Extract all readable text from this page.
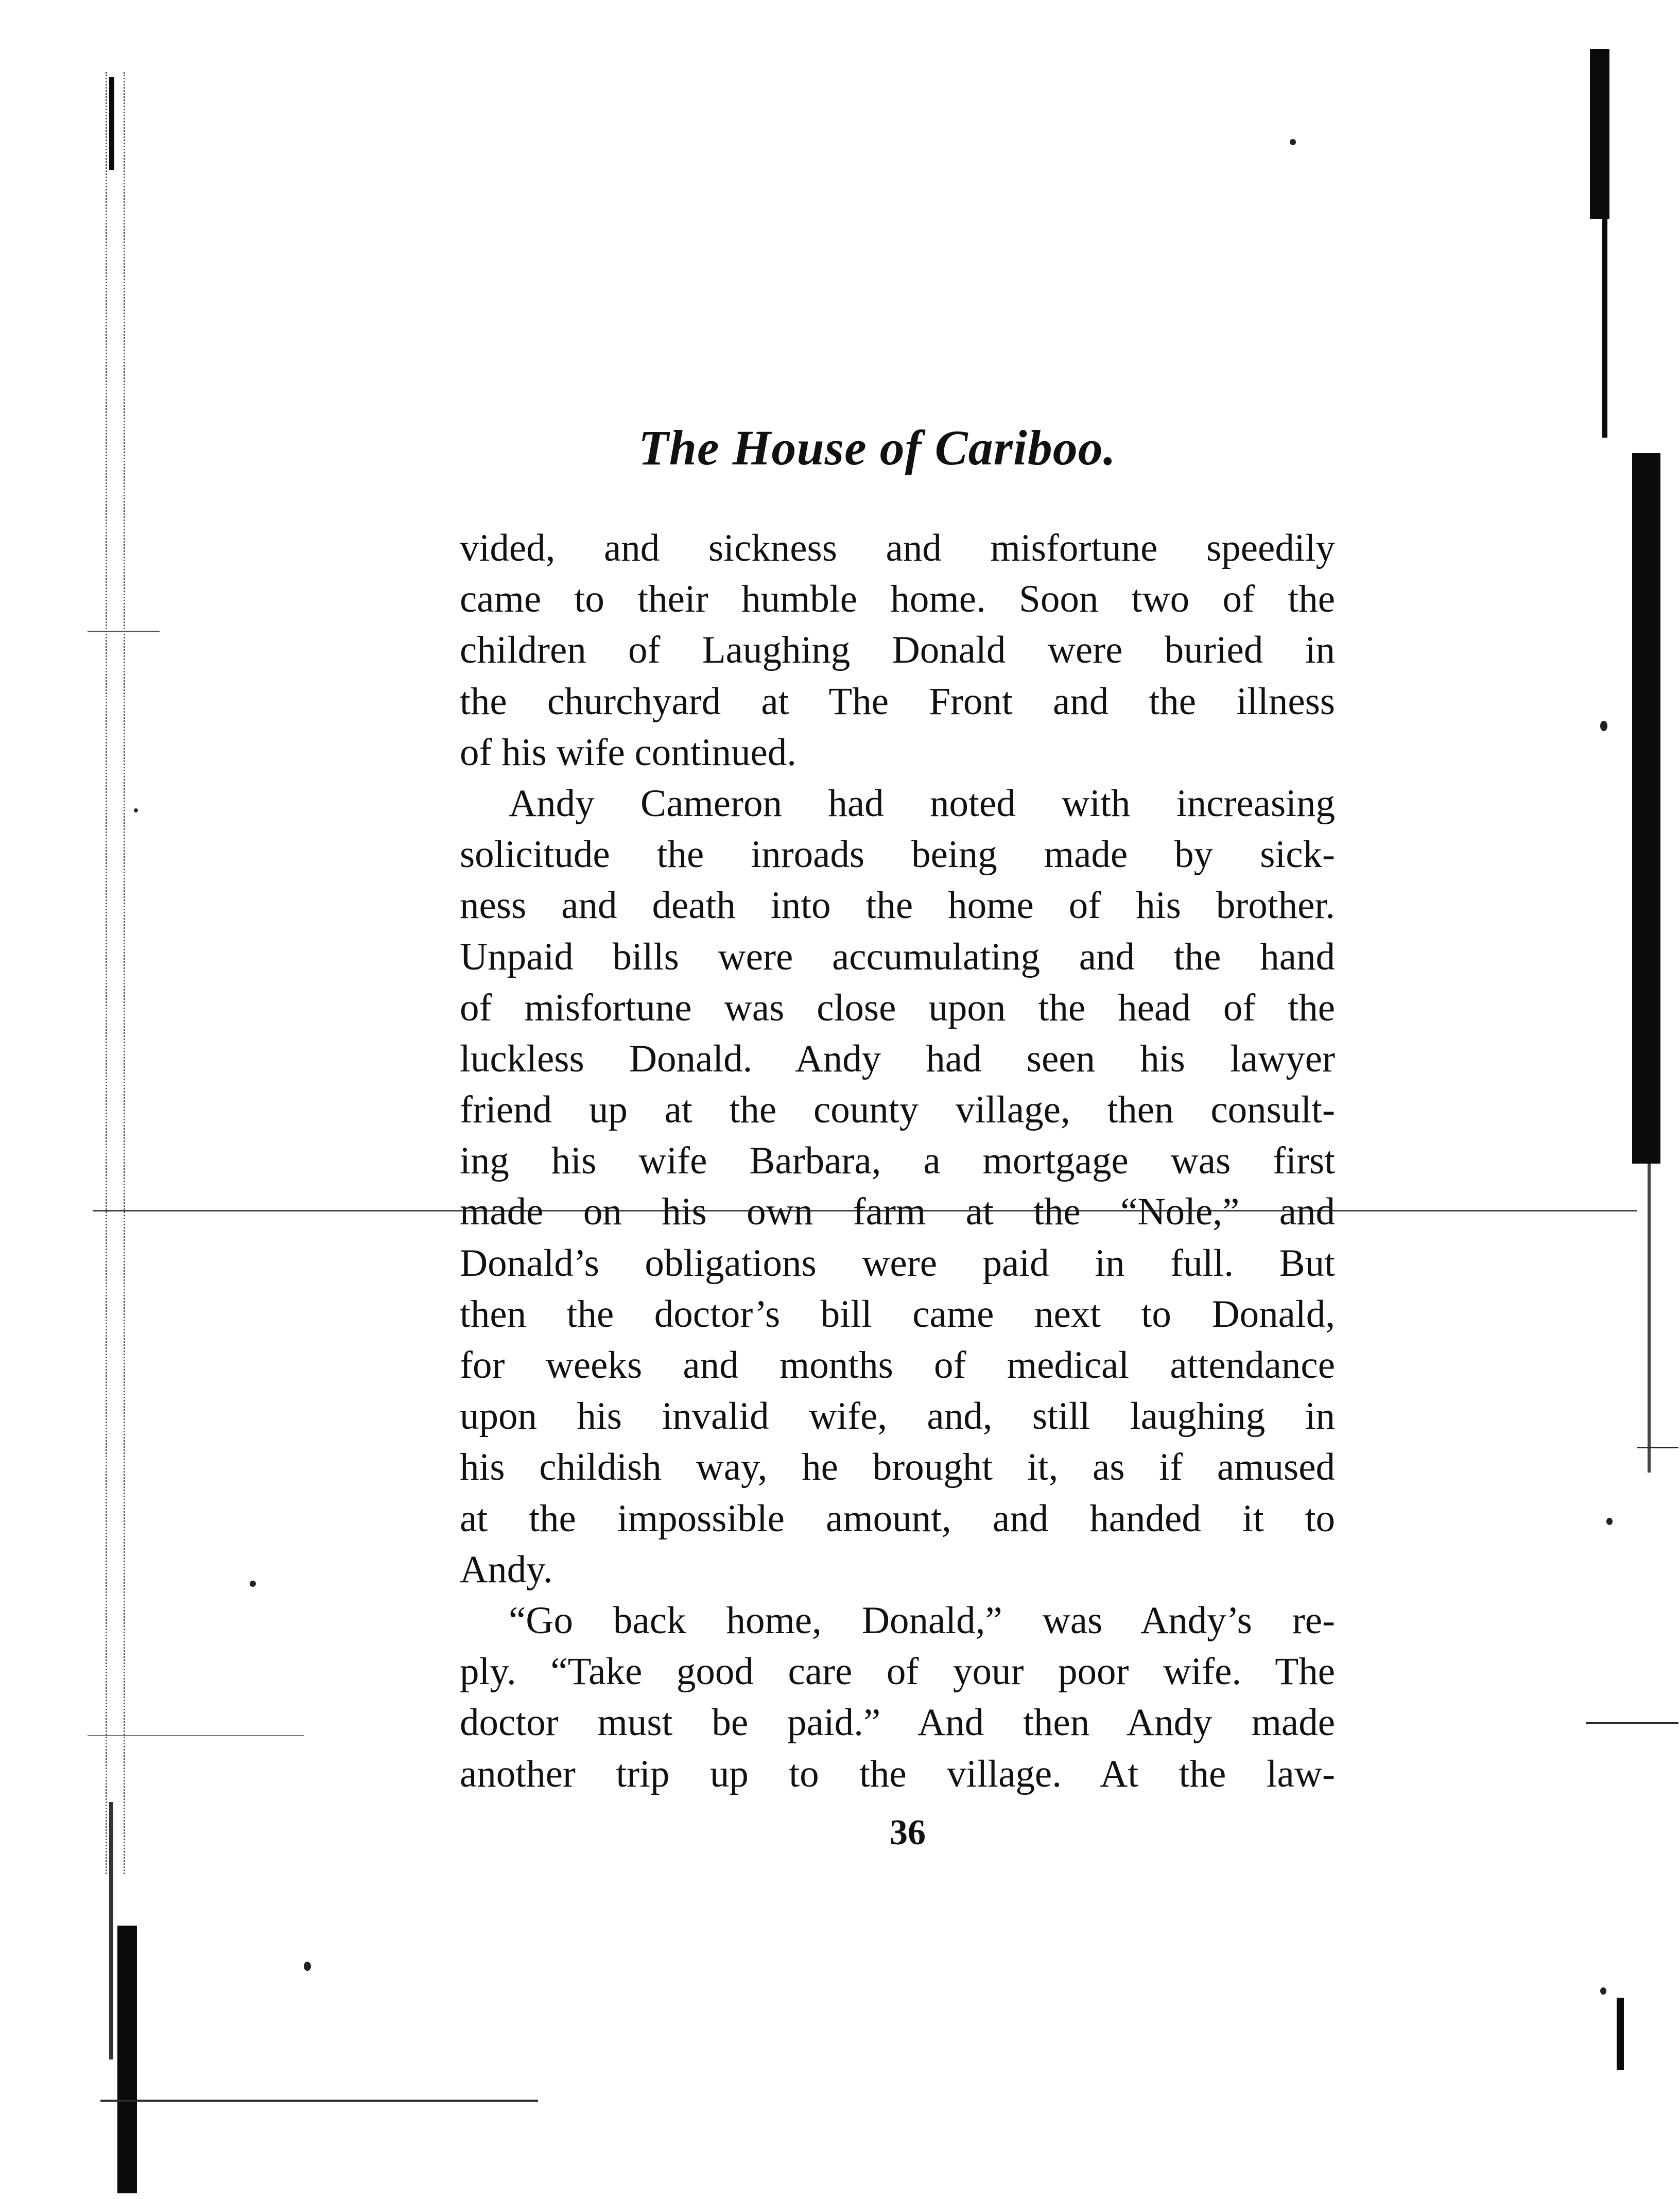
The House of Cariboo.
vided, and sickness and misfortune speedily
came to their humble home. Soon two of the
children of Laughing Donald were buried in
the churchyard at The Front and the illness
of his wife continued.
Andy Cameron had noted with increasing
solicitude the inroads being made by sick-
ness and death into the home of his brother.
Unpaid bills were accumulating and the hand
of misfortune was close upon the head of the
luckless Donald. Andy had seen his lawyer
friend up at the county village, then consult-
ing his wife Barbara, a mortgage was first
made on his own farm at the “Nole,” and
Donald’s obligations were paid in full. But
then the doctor’s bill came next to Donald,
for weeks and months of medical attendance
upon his invalid wife, and, still laughing in
his childish way, he brought it, as if amused
at the impossible amount, and handed it to
Andy.
“Go back home, Donald,” was Andy’s re-
ply. “Take good care of your poor wife. The
doctor must be paid.” And then Andy made
another trip up to the village. At the law-
36
